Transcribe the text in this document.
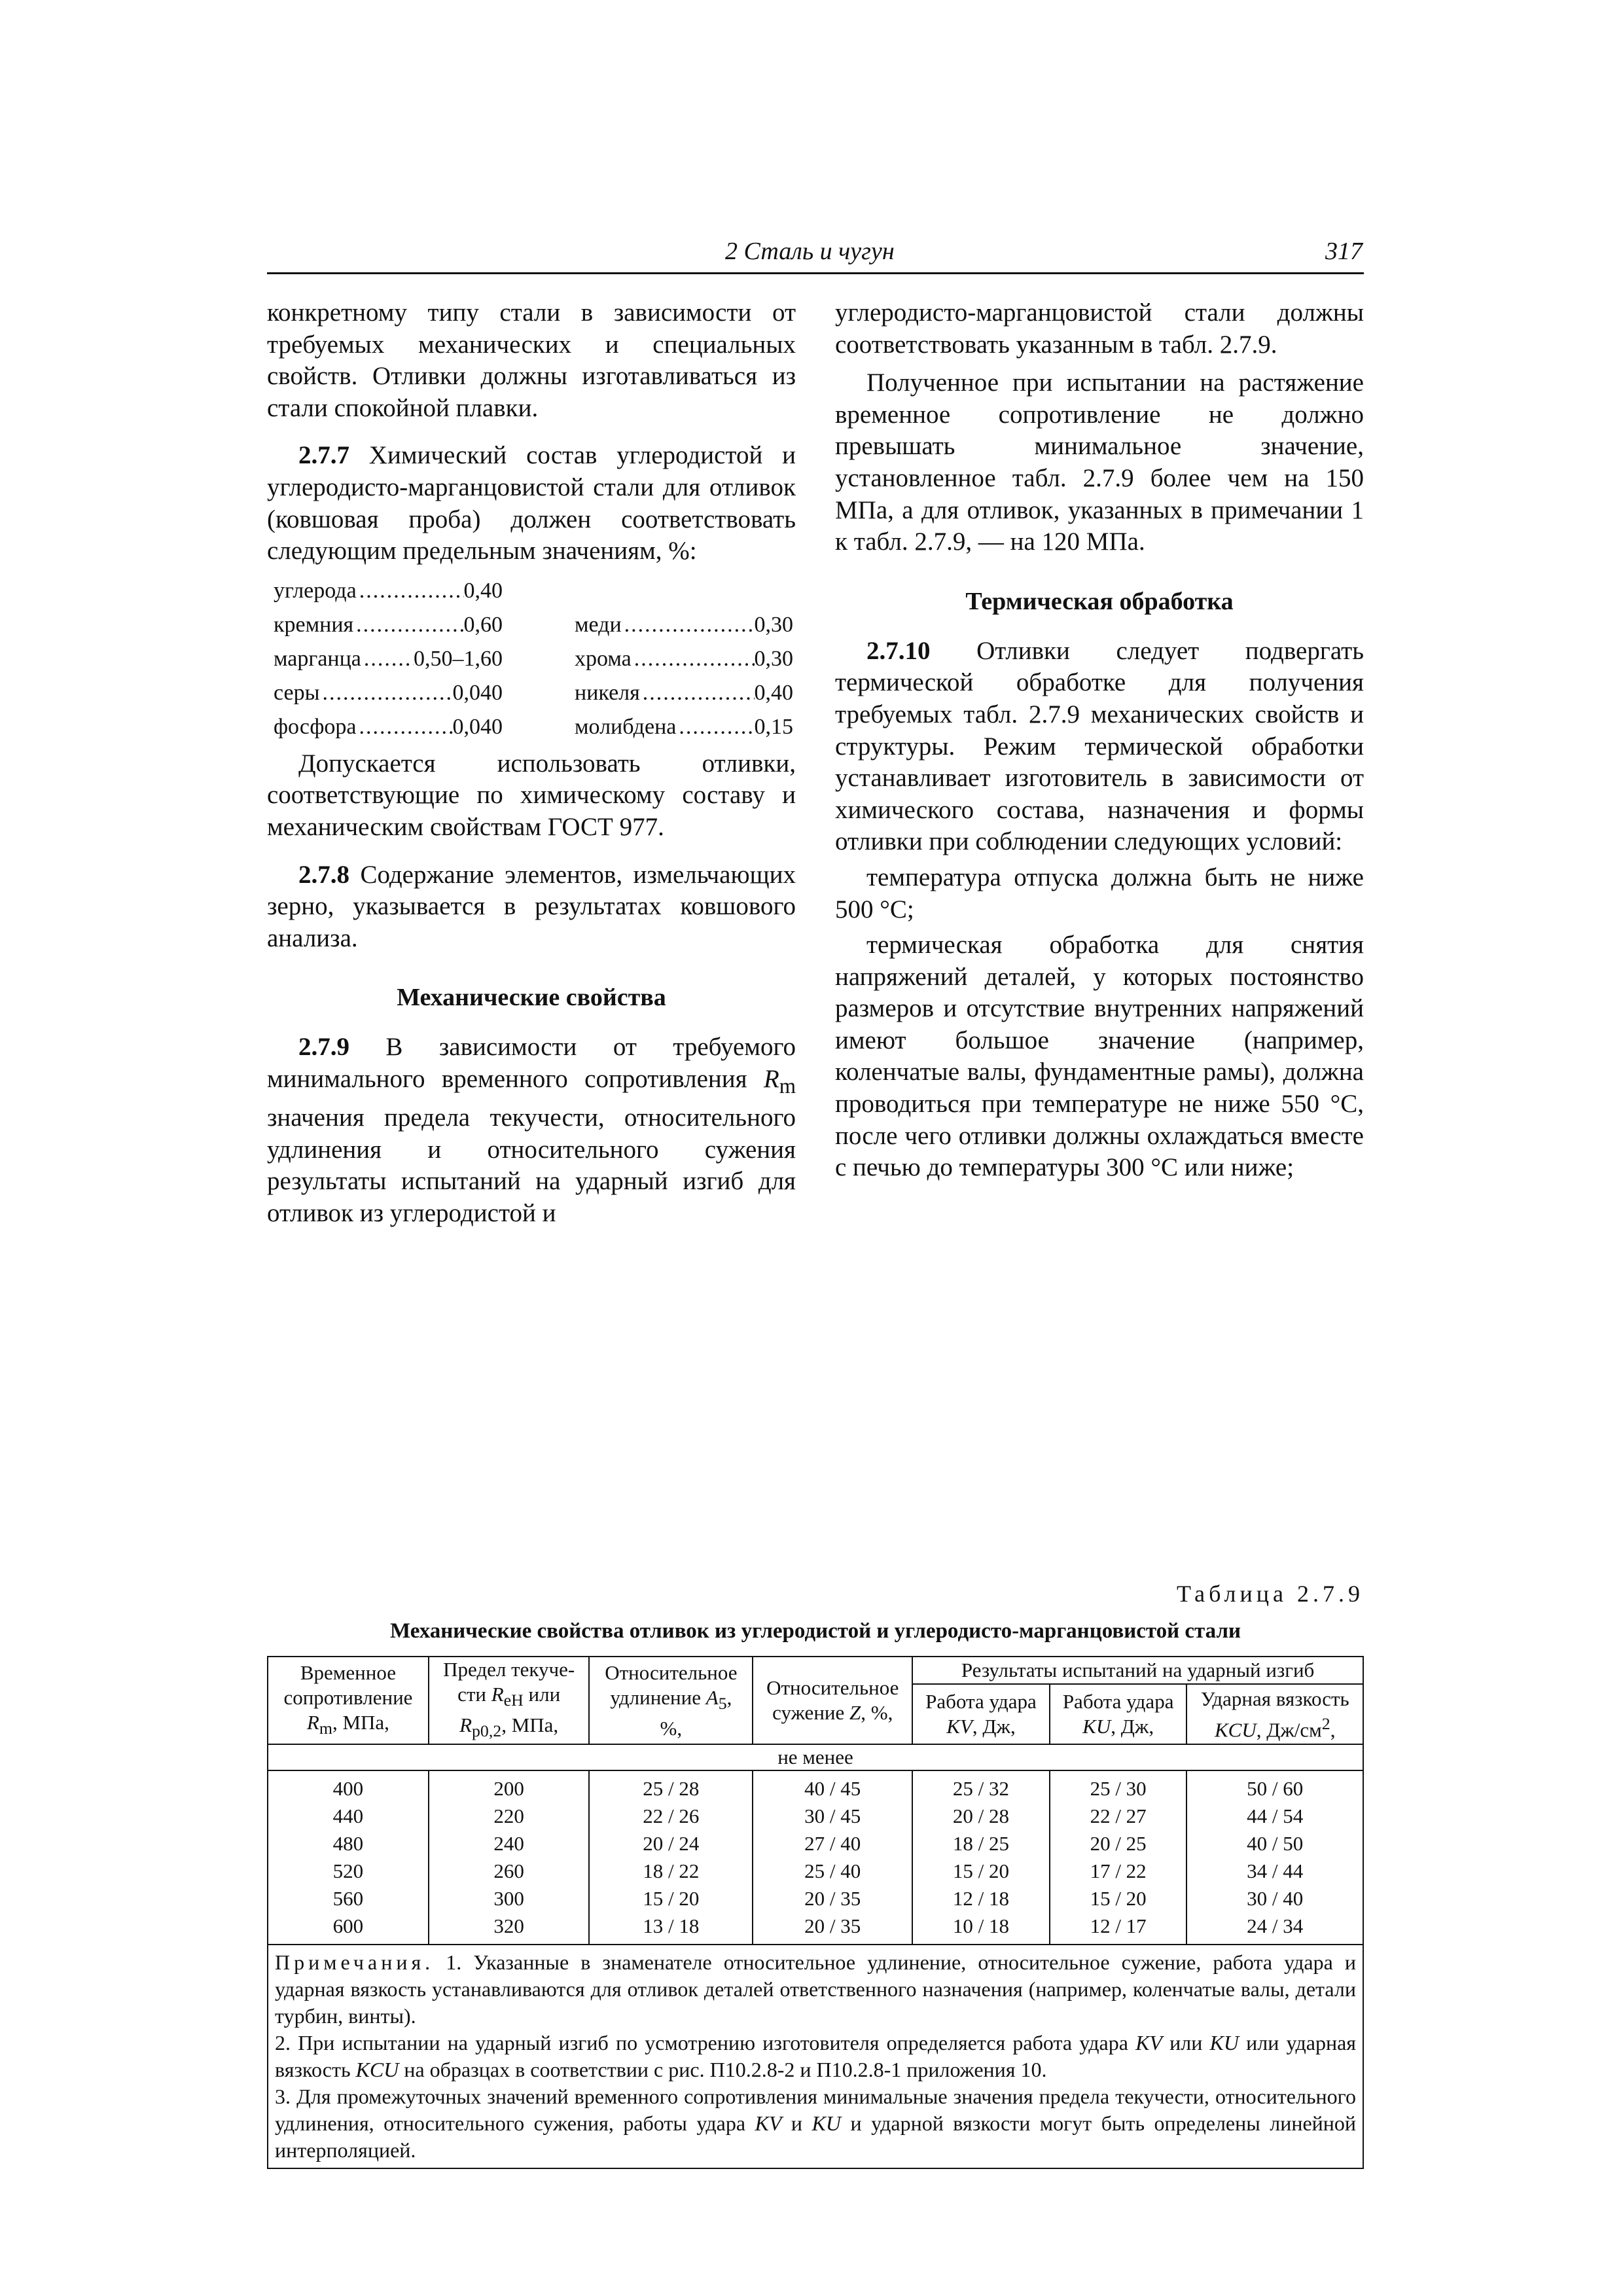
2 Сталь и чугун	317

конкретному типу стали в зависимости от требуемых механических и специальных свойств. Отливки должны изготавливаться из стали спокойной плавки.

2.7.7 Химический состав углеродистой и углеродисто-марганцовистой стали для отливок (ковшовая проба) должен соответствовать следующим предельным значениям, %:

углерода .....	0,40
кремния .....	0,60	меди .....	0,30
марганца ..... 0,50–1,60	хрома .....	0,30
серы .....	0,040	никеля .....	0,40
фосфора .....	0,040	молибдена .....	0,15

Допускается использовать отливки, соответствующие по химическому составу и механическим свойствам ГОСТ 977.

2.7.8 Содержание элементов, измельчающих зерно, указывается в результатах ковшового анализа.

Механические свойства

2.7.9 В зависимости от требуемого минимального временного сопротивления $R_m$ значения предела текучести, относительного удлинения и относительного сужения результаты испытаний на ударный изгиб для отливок из углеродистой и

углеродисто-марганцовистой стали должны соответствовать указанным в табл. 2.7.9.

Полученное при испытании на растяжение временное сопротивление не должно превышать минимальное значение, установленное табл. 2.7.9 более чем на 150 МПа, а для отливок, указанных в примечании 1 к табл. 2.7.9, — на 120 МПа.

Термическая обработка

2.7.10 Отливки следует подвергать термической обработке для получения требуемых табл. 2.7.9 механических свойств и структуры. Режим термической обработки устанавливает изготовитель в зависимости от химического состава, назначения и формы отливки при соблюдении следующих условий:

температура отпуска должна быть не ниже 500 °С;

термическая обработка для снятия напряжений деталей, у которых постоянство размеров и отсутствие внутренних напряжений имеют большое значение (например, коленчатые валы, фундаментные рамы), должна проводиться при температуре не ниже 550 °С, после чего отливки должны охлаждаться вместе с печью до температуры 300 °С или ниже;

Таблица 2.7.9
Механические свойства отливок из углеродистой и углеродисто-марганцовистой стали
Временное
сопротивление
$R_m$, МПа,	Предел текуче-
сти $R_{eH}$ или
$R_{p0,2}$, МПа,	Относительное
удлинение $A_5$,
%,	Относительное
сужение Z, %,	Результаты испытаний на ударный изгиб		
				Работа удара
KV, Дж,	Работа удара
KU, Дж,	Ударная вязкость
KCU, $Дж/см^2$,
не менее						
400	200	25 / 28	40 / 45	25 / 32	25 / 30	50 / 60
440	220	22 / 26	30 / 45	20 / 28	22 / 27	44 / 54
480	240	20 / 24	27 / 40	18 / 25	20 / 25	40 / 50
520	260	18 / 22	25 / 40	15 / 20	17 / 22	34 / 44
560	300	15 / 20	20 / 35	12 / 18	15 / 20	30 / 40
600	320	13 / 18	20 / 35	10 / 18	12 / 17	24 / 34

Примечания. 1. Указанные в знаменателе относительное удлинение, относительное сужение, работа удара и ударная вязкость устанавливаются для отливок деталей ответственного назначения (например, коленчатые валы, детали турбин, винты).
2. При испытании на ударный изгиб по усмотрению изготовителя определяется работа удара KV или KU или ударная вязкость KCU на образцах в соответствии с рис. П10.2.8-2 и П10.2.8-1 приложения 10.
3. Для промежуточных значений временного сопротивления минимальные значения предела текучести, относительного удлинения, относительного сужения, работы удара KV и KU и ударной вязкости могут быть определены линейной интерполяцией.						
